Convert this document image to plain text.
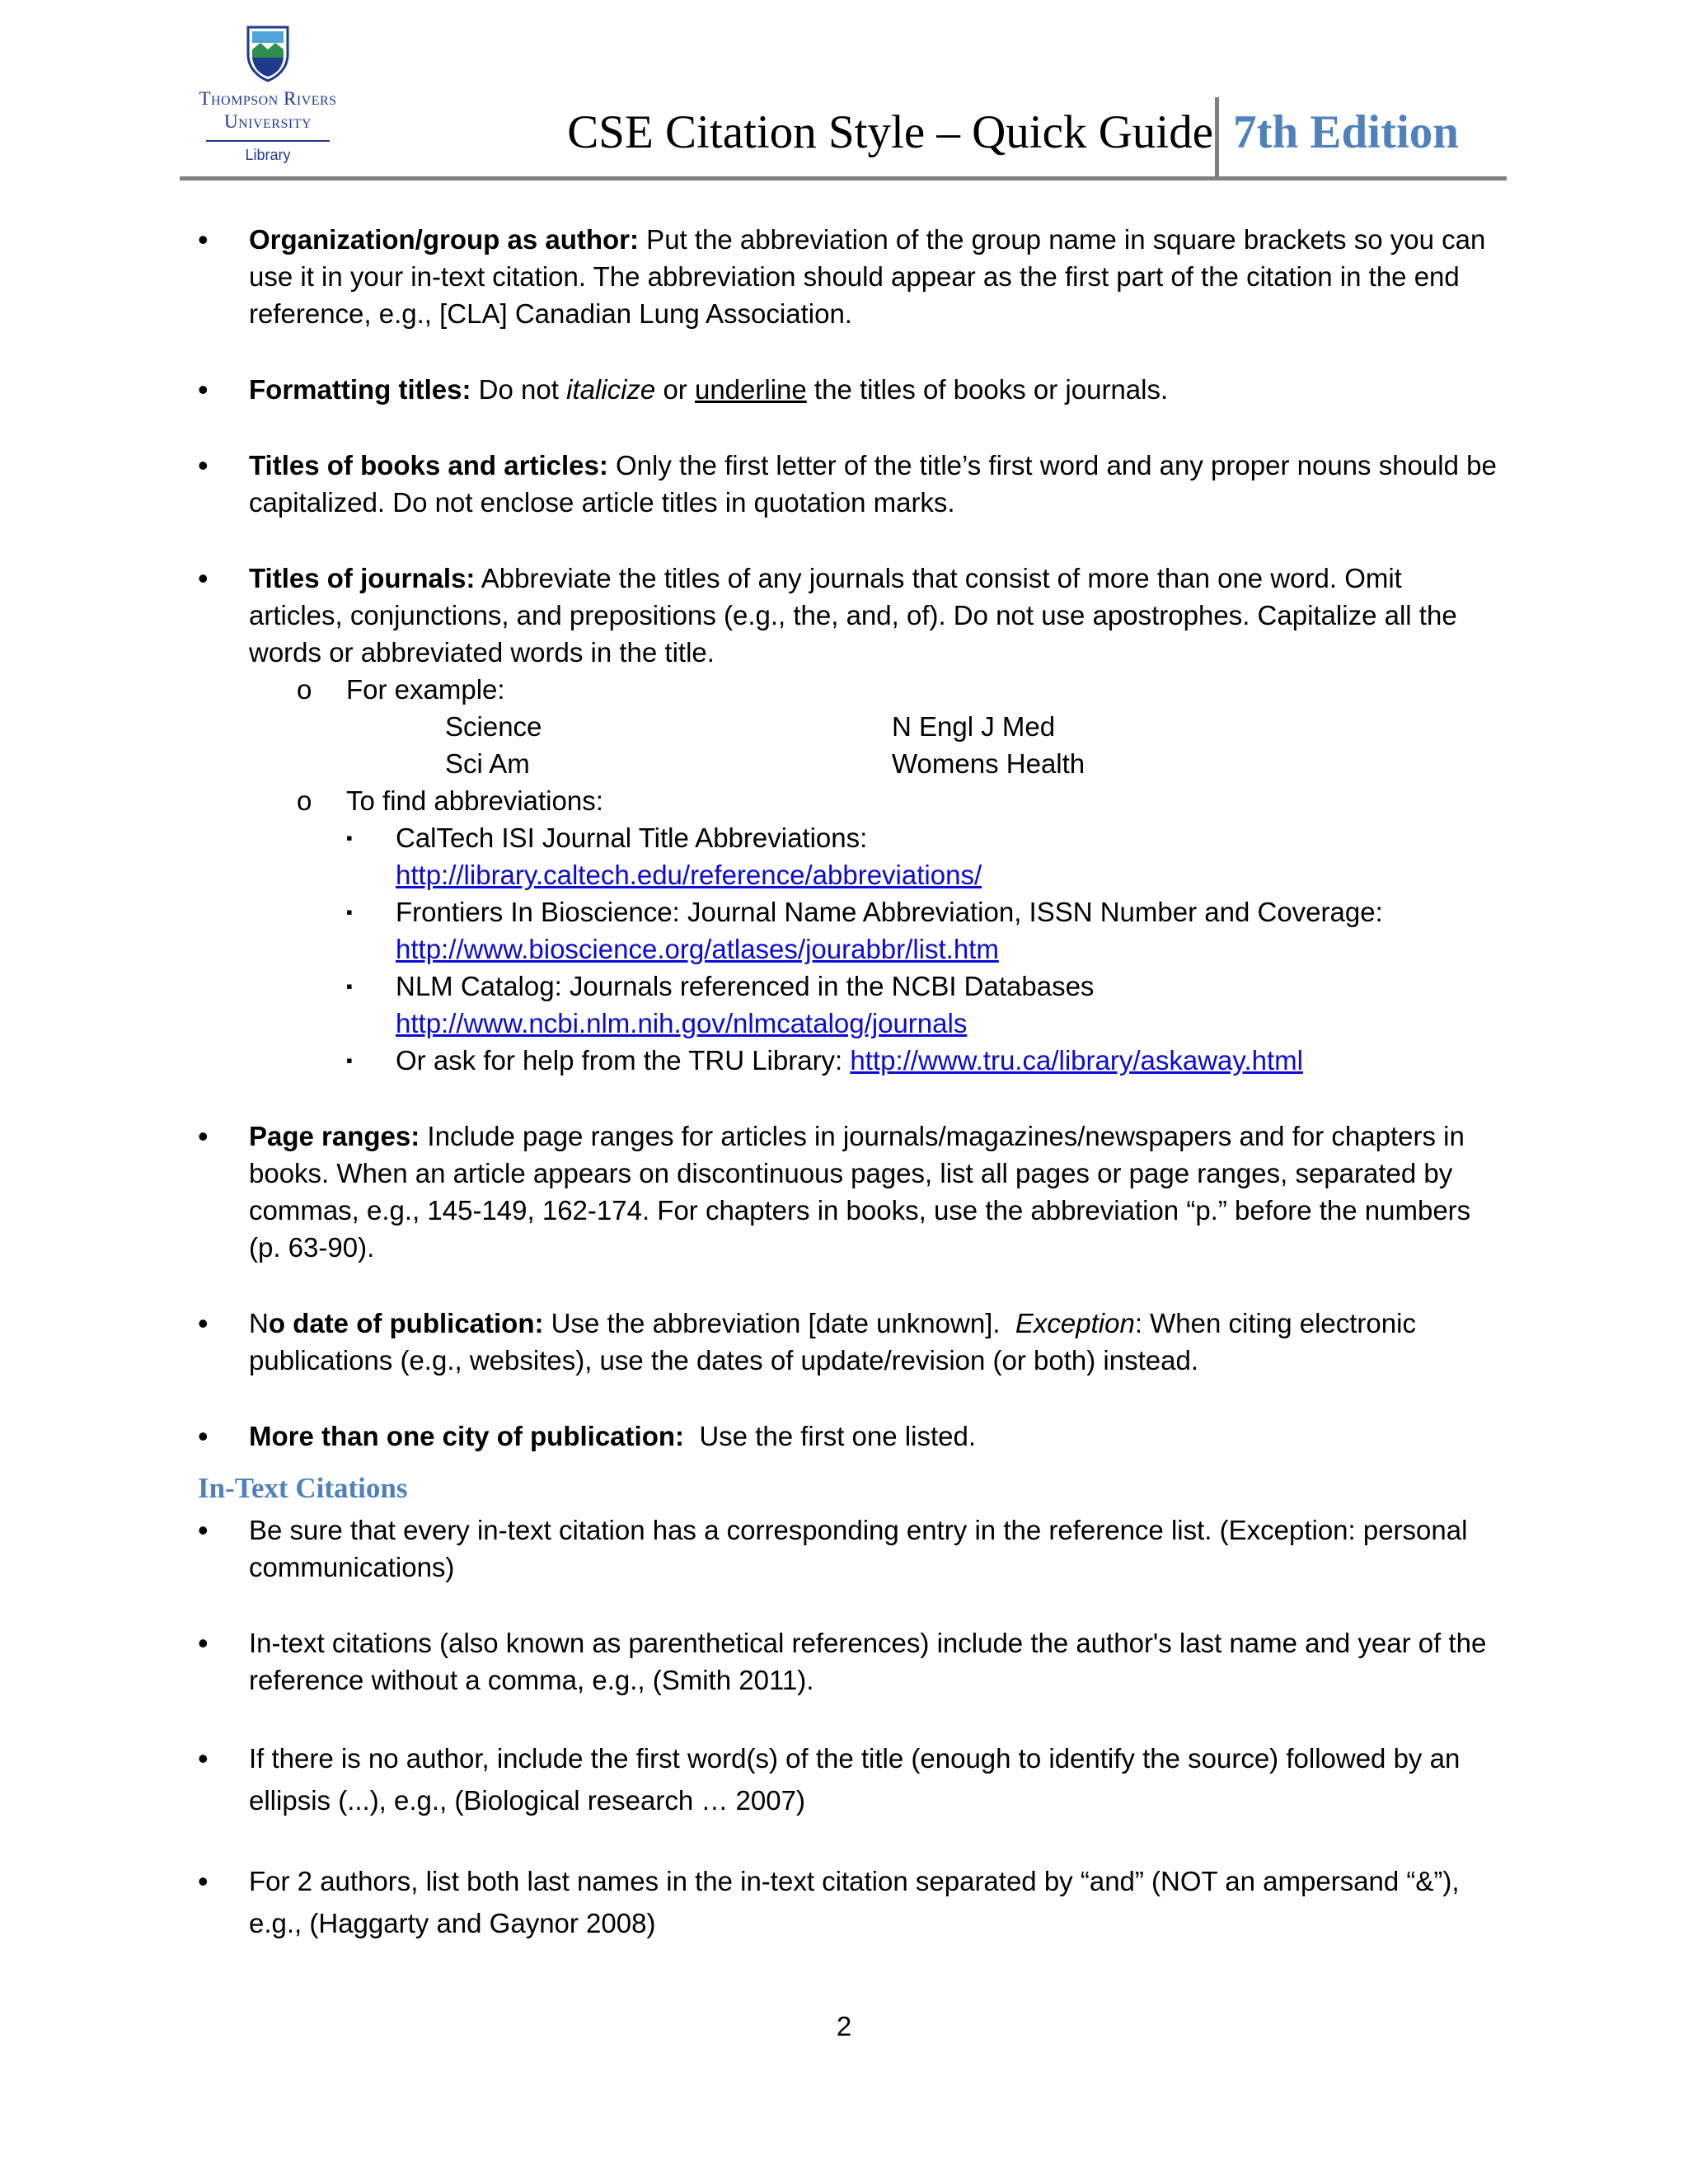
Thompson Rivers
University
Library	CSE Citation Style – Quick Guide 7th Edition
• Organization/group as author: Put the abbreviation of the group name in square brackets so you can use it in your in-text citation. The abbreviation should appear as the first part of the citation in the end reference, e.g., [CLA] Canadian Lung Association.
• Formatting titles: Do not italicize or underline the titles of books or journals.
• Titles of books and articles: Only the first letter of the title’s first word and any proper nouns should be capitalized. Do not enclose article titles in quotation marks.
• Titles of journals: Abbreviate the titles of any journals that consist of more than one word. Omit articles, conjunctions, and prepositions (e.g., the, and, of). Do not use apostrophes. Capitalize all the words or abbreviated words in the title.
o For example:
Science	N Engl J Med
Sci Am	Womens Health
o To find abbreviations:
▪ CalTech ISI Journal Title Abbreviations:
http://library.caltech.edu/reference/abbreviations/
▪ Frontiers In Bioscience: Journal Name Abbreviation, ISSN Number and Coverage:
http://www.bioscience.org/atlases/jourabbr/list.htm
▪ NLM Catalog: Journals referenced in the NCBI Databases
http://www.ncbi.nlm.nih.gov/nlmcatalog/journals
▪ Or ask for help from the TRU Library: http://www.tru.ca/library/askaway.html
• Page ranges: Include page ranges for articles in journals/magazines/newspapers and for chapters in books. When an article appears on discontinuous pages, list all pages or page ranges, separated by commas, e.g., 145-149, 162-174. For chapters in books, use the abbreviation “p.” before the numbers (p. 63-90).
• No date of publication: Use the abbreviation [date unknown].  Exception: When citing electronic publications (e.g., websites), use the dates of update/revision (or both) instead.
• More than one city of publication:  Use the first one listed.
In-Text Citations
• Be sure that every in-text citation has a corresponding entry in the reference list. (Exception: personal communications)
• In-text citations (also known as parenthetical references) include the author's last name and year of the reference without a comma, e.g., (Smith 2011).
• If there is no author, include the first word(s) of the title (enough to identify the source) followed by an ellipsis (...), e.g., (Biological research … 2007)
• For 2 authors, list both last names in the in-text citation separated by “and” (NOT an ampersand “&”), e.g., (Haggarty and Gaynor 2008)
2
